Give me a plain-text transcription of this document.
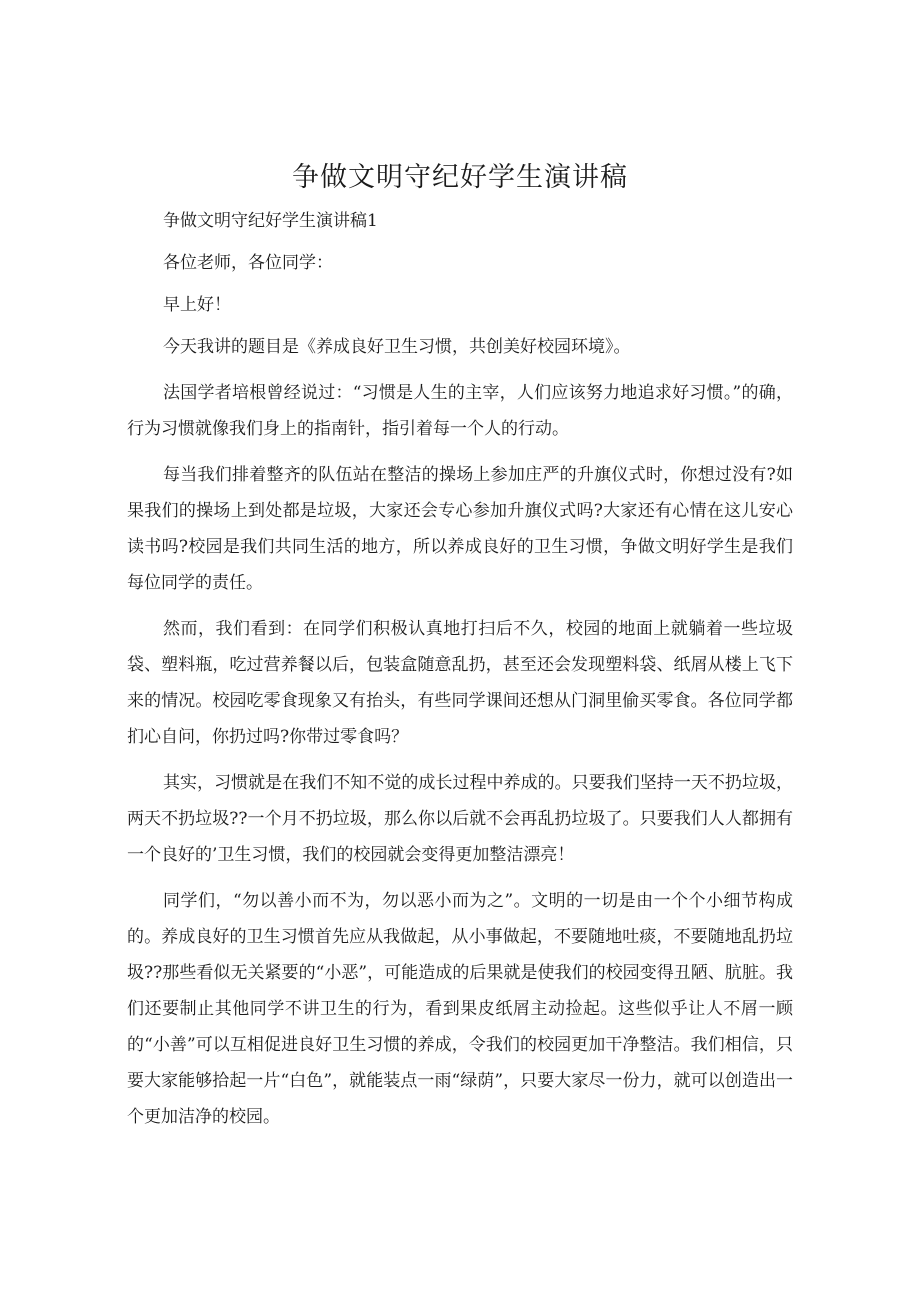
争做文明守纪好学生演讲稿

争做文明守纪好学生演讲稿1

各位老师，各位同学：

早上好！

今天我讲的题目是《养成良好卫生习惯，共创美好校园环境》。

法国学者培根曾经说过：“习惯是人生的主宰，人们应该努力地追求好习惯。”的确，行为习惯就像我们身上的指南针，指引着每一个人的行动。

每当我们排着整齐的队伍站在整洁的操场上参加庄严的升旗仪式时，你想过没有?如果我们的操场上到处都是垃圾，大家还会专心参加升旗仪式吗?大家还有心情在这儿安心读书吗?校园是我们共同生活的地方，所以养成良好的卫生习惯，争做文明好学生是我们每位同学的责任。

然而，我们看到：在同学们积极认真地打扫后不久，校园的地面上就躺着一些垃圾袋、塑料瓶，吃过营养餐以后，包装盒随意乱扔，甚至还会发现塑料袋、纸屑从楼上飞下来的情况。校园吃零食现象又有抬头，有些同学课间还想从门洞里偷买零食。各位同学都扪心自问，你扔过吗?你带过零食吗？

其实，习惯就是在我们不知不觉的成长过程中养成的。只要我们坚持一天不扔垃圾，两天不扔垃圾??一个月不扔垃圾，那么你以后就不会再乱扔垃圾了。只要我们人人都拥有一个良好的’卫生习惯，我们的校园就会变得更加整洁漂亮！

同学们，“勿以善小而不为，勿以恶小而为之”。文明的一切是由一个个小细节构成的。养成良好的卫生习惯首先应从我做起，从小事做起，不要随地吐痰，不要随地乱扔垃圾??那些看似无关紧要的“小恶”，可能造成的后果就是使我们的校园变得丑陋、肮脏。我们还要制止其他同学不讲卫生的行为，看到果皮纸屑主动捡起。这些似乎让人不屑一顾的“小善”可以互相促进良好卫生习惯的养成，令我们的校园更加干净整洁。我们相信，只要大家能够拾起一片“白色”，就能装点一雨“绿荫”，只要大家尽一份力，就可以创造出一个更加洁净的校园。
